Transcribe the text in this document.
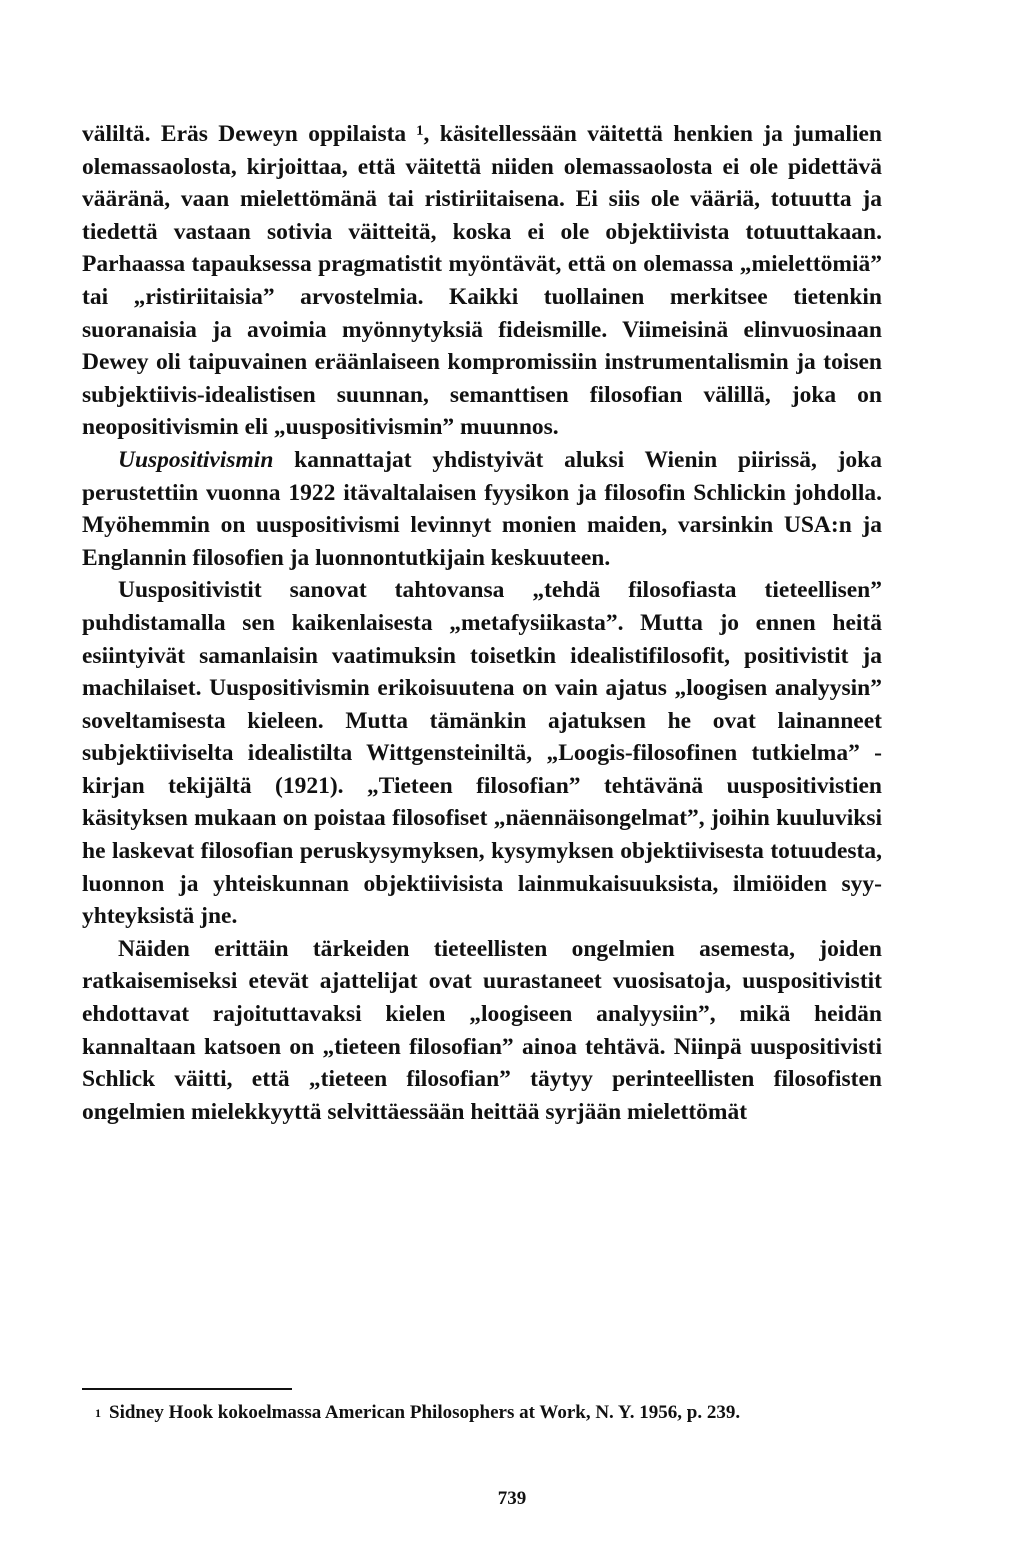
väliltä. Eräs Deweyn oppilaista ¹, käsitellessään väitettä henkien ja jumalien olemassaolosta, kirjoittaa, että väitettä niiden olemassaolosta ei ole pidettävä vääränä, vaan mielettömänä tai ristiriitaisena. Ei siis ole vääriä, totuutta ja tiedettä vastaan sotivia väitteitä, koska ei ole objektiivista totuuttakaan. Parhaassa tapauksessa pragmatistit myöntävät, että on olemassa „mielettömiä” tai „ristiriitaisia” arvostelmia. Kaikki tuollainen merkitsee tietenkin suoranaisia ja avoimia myönnytyksiä fideismille. Viimeisinä elinvuosinaan Dewey oli taipuvainen eräänlaiseen kompromissiin instrumentalismin ja toisen subjektiivis-idealistisen suunnan, semanttisen filosofian välillä, joka on neopositivismin eli „uuspositivismin” muunnos.

Uuspositivismin kannattajat yhdistyivät aluksi Wienin piirissä, joka perustettiin vuonna 1922 itävaltalaisen fyysikon ja filosofin Schlickin johdolla. Myöhemmin on uuspositivismi levinnyt monien maiden, varsinkin USA:n ja Englannin filosofien ja luonnontutkijain keskuuteen.

Uuspositivistit sanovat tahtovansa „tehdä filosofiasta tieteellisen” puhdistamalla sen kaikenlaisesta „metafysiikasta”. Mutta jo ennen heitä esiintyivät samanlaisin vaatimuksin toisetkin idealistifilosofit, positivistit ja machilaiset. Uuspositivismin erikoisuutena on vain ajatus „loogisen analyysin” soveltamisesta kieleen. Mutta tämänkin ajatuksen he ovat lainanneet subjektiiviselta idealistilta Wittgensteiniltä, „Loogis-filosofinen tutkielma” -kirjan tekijältä (1921). „Tieteen filosofian” tehtävänä uuspositivistien käsityksen mukaan on poistaa filosofiset „näennäisongelmat”, joihin kuuluviksi he laskevat filosofian peruskysymyksen, kysymyksen objektiivisesta totuudesta, luonnon ja yhteiskunnan objektiivisista lainmukaisuuksista, ilmiöiden syy-yhteyksistä jne.

Näiden erittäin tärkeiden tieteellisten ongelmien asemesta, joiden ratkaisemiseksi etevät ajattelijat ovat uurastaneet vuosisatoja, uuspositivistit ehdottavat rajoituttavaksi kielen „loogiseen analyysiin”, mikä heidän kannaltaan katsoen on „tieteen filosofian” ainoa tehtävä. Niinpä uuspositivisti Schlick väitti, että „tieteen filosofian” täytyy perinteellisten filosofisten ongelmien mielekkyyttä selvittäessään heittää syrjään mielettömät

$^1$ Sidney Hook kokoelmassa American Philosophers at Work, N. Y. 1956, p. 239.
739
